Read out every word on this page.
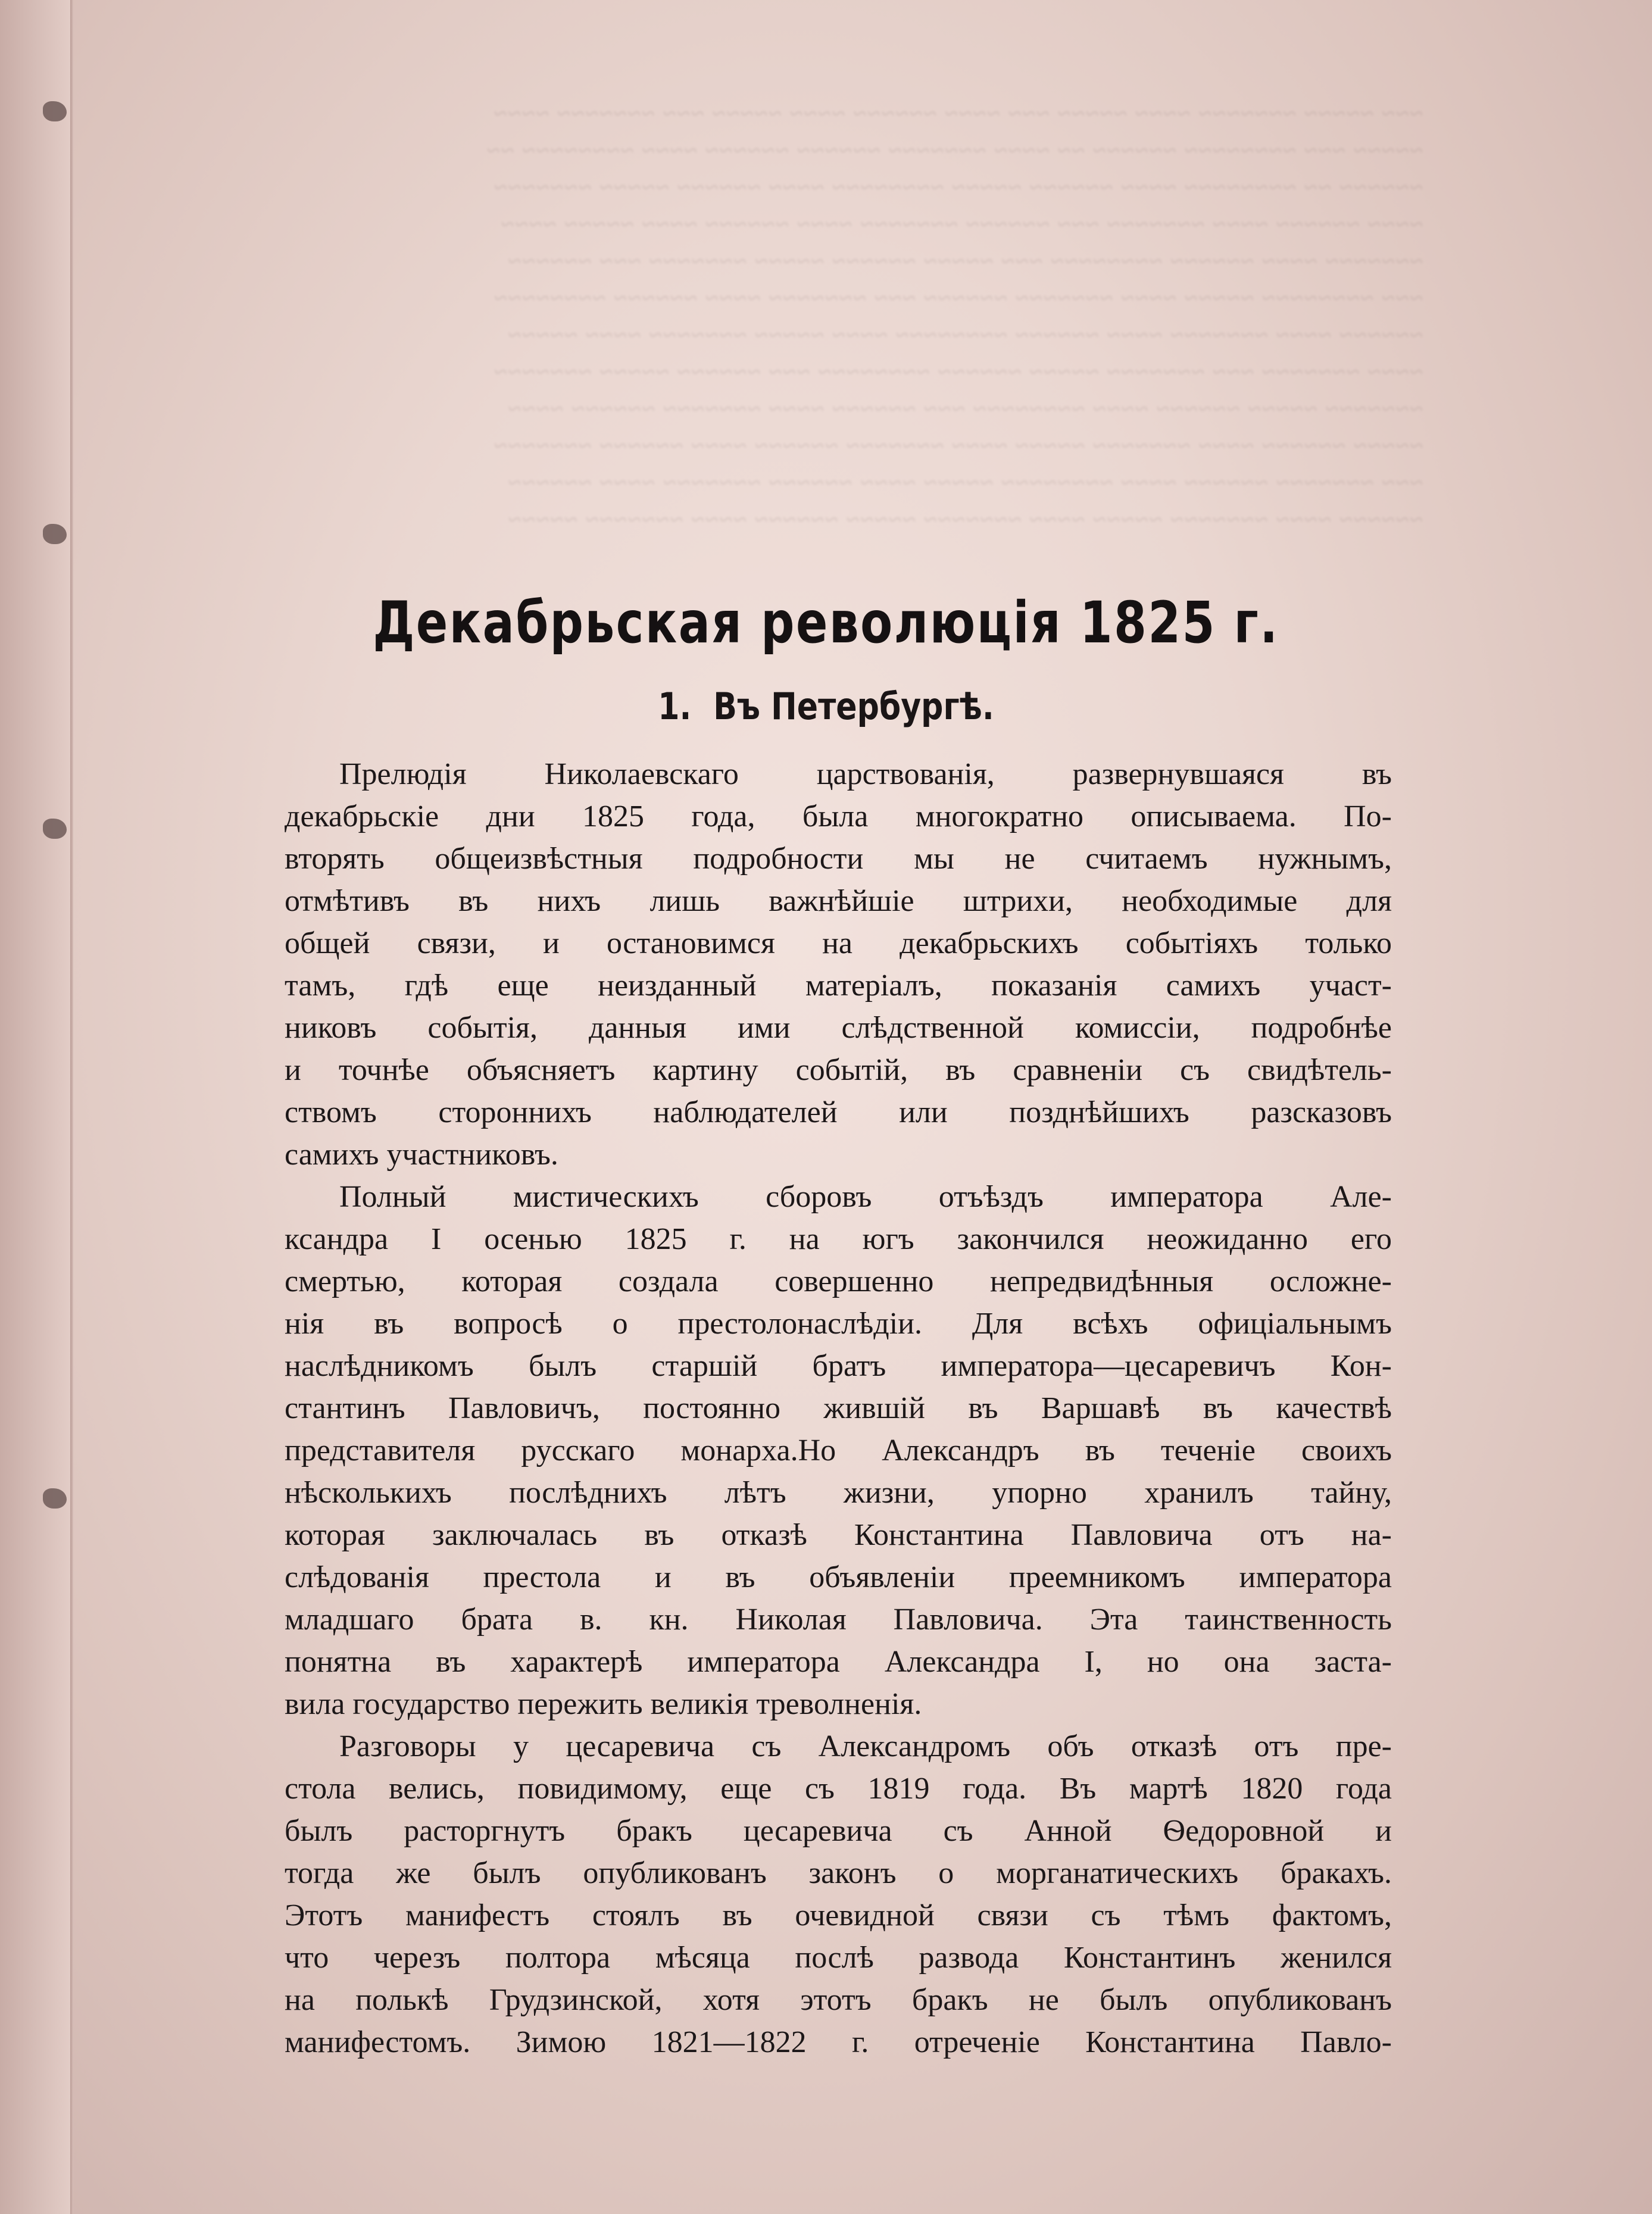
~~~ ~~~~~ ~~~~~~~ ~~~~ ~~~~~ ~~~ ~~~~ ~~~~~~ ~~~~ ~~~~~ ~~~ ~~~~~~~ ~~~~
~~~~~ ~~~ ~~~~~~~~ ~~~~~~ ~~ ~~~~ ~~~~~~~ ~~~~~~ ~~~~~~ ~~~~ ~~~~~~~~ ~~
~~~~~~ ~~ ~~~~~~~~ ~~~~ ~~~~~~ ~~~~~ ~~~~~~~~ ~~~~ ~~~~~~ ~~~~~ ~~~~~~~
~~~~ ~~~~~~ ~~~~ ~~~~~~~ ~~~ ~~~~~~ ~~~~~~~ ~~~~ ~~~~~~ ~~~~ ~~~~~ ~~~~
~~~~~~~ ~~~~ ~~~~~~ ~~~~~~~~ ~~~ ~~~~~ ~~~~~~ ~~~~~ ~~~~~~~ ~~~ ~~~~~~
~~~ ~~~~~~~~ ~~~~~ ~~~~ ~~~~~~~ ~~~~~~ ~~~ ~~~~~~~ ~~~~ ~~~~~~ ~~~~~~~~
~~~~~~ ~~~~ ~~~~~~~ ~~~~ ~~~~~~ ~~~~~~~~ ~~~~ ~~~~~ ~~~~~~~ ~~~~ ~~~~~
~~~~ ~~~~~~~ ~~~ ~~~~~~~ ~~~~~ ~~~~~~ ~~~~~~~~ ~~~ ~~~~~~ ~~~~~ ~~~~~~~
~~~~~~~ ~~~~~ ~~~~~~ ~~~~ ~~~~~~~~ ~~~ ~~~~~~ ~~~~ ~~~~~~~ ~~~~~~ ~~~~
~~~~~ ~~~~~~ ~~~~ ~~~~~~~ ~~~~~ ~~~~ ~~~~~~~ ~~~~~~ ~~~~ ~~~~~~ ~~~~~~~
~~~ ~~~~~~~ ~~~~~~ ~~~~ ~~~~~~~~ ~~~~~ ~~~~ ~~~~~~ ~~~~~~~ ~~~~ ~~~~~~
~~~~~~ ~~~~ ~~~~~~~ ~~~~~ ~~~~ ~~~~~~~ ~~~~~ ~~~~~~ ~~~~ ~~~~~~~ ~~~~~
Декабрьская революція 1825 г.
1. Въ Петербургѣ.
Прелюдія Николаевскаго царствованія, развернувшаяся въ
декабрьскіе дни 1825 года, была многократно описываема. По-
вторять общеизвѣстныя подробности мы не считаемъ нужнымъ,
отмѣтивъ въ нихъ лишь важнѣйшіе штрихи, необходимые для
общей связи, и остановимся на декабрьскихъ событіяхъ только
тамъ, гдѣ еще неизданный матеріалъ, показанія самихъ участ-
никовъ событія, данныя ими слѣдственной комиссіи, подробнѣе
и точнѣе объясняетъ картину событій, въ сравненіи съ свидѣтель-
ствомъ стороннихъ наблюдателей или позднѣйшихъ разсказовъ
самихъ участниковъ.
Полный мистическихъ сборовъ отъѣздъ императора Але-
ксандра I осенью 1825 г. на югъ закончился неожиданно его
смертью, которая создала совершенно непредвидѣнныя осложне-
нія въ вопросѣ о престолонаслѣдіи. Для всѣхъ офиціальнымъ
наслѣдникомъ былъ старшій братъ императора—цесаревичъ Кон-
стантинъ Павловичъ, постоянно жившій въ Варшавѣ въ качествѣ
представителя русскаго монарха.Но Александръ въ теченіе своихъ
нѣсколькихъ послѣднихъ лѣтъ жизни, упорно хранилъ тайну,
которая заключалась въ отказѣ Константина Павловича отъ на-
слѣдованія престола и въ объявленіи преемникомъ императора
младшаго брата в. кн. Николая Павловича. Эта таинственность
понятна въ характерѣ императора Александра I, но она заста-
вила государство пережить великія треволненія.
Разговоры у цесаревича съ Александромъ объ отказѣ отъ пре-
стола велись, повидимому, еще съ 1819 года. Въ мартѣ 1820 года
былъ расторгнутъ бракъ цесаревича съ Анной Ѳедоровной и
тогда же былъ опубликованъ законъ о морганатическихъ бракахъ.
Этотъ манифестъ стоялъ въ очевидной связи съ тѣмъ фактомъ,
что черезъ полтора мѣсяца послѣ развода Константинъ женился
на полькѣ Грудзинской, хотя этотъ бракъ не былъ опубликованъ
манифестомъ. Зимою 1821—1822 г. отреченіе Константина Павло-
